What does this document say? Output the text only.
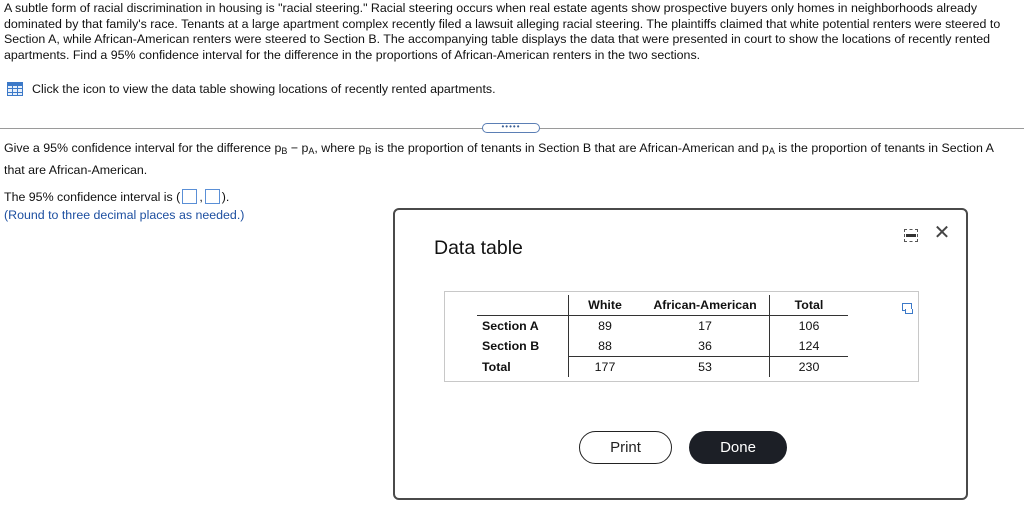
A subtle form of racial discrimination in housing is "racial steering." Racial steering occurs when real estate agents show prospective buyers only homes in neighborhoods already dominated by that family's race. Tenants at a large apartment complex recently filed a lawsuit alleging racial steering. The plaintiffs claimed that white potential renters were steered to Section A, while African-American renters were steered to Section B. The accompanying table displays the data that were presented in court to show the locations of recently rented apartments. Find a 95% confidence interval for the difference in the proportions of African-American renters in the two sections.
Click the icon to view the data table showing locations of recently rented apartments.
•••••
Give a 95% confidence interval for the difference $p_B - p_A$, where $p_B$ is the proportion of tenants in Section B that are African-American and $p_A$ is the proportion of tenants in Section A that are African-American.
The 95% confidence interval is ( , ).
(Round to three decimal places as needed.)
Data table
✕
	White	African-American	Total
Section A	89	17	106
Section B	88	36	124
Total	177	53	230
Print	Done
